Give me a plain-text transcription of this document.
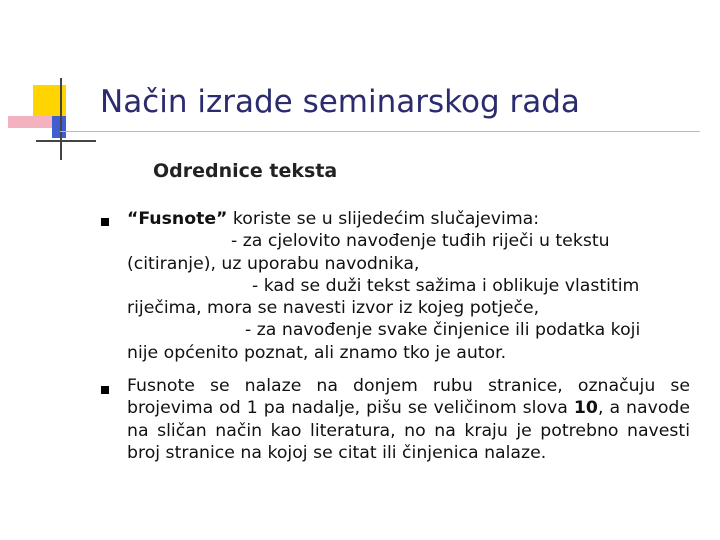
Način izrade seminarskog rada
Odrednice teksta
“Fusnote” koriste se u slijedećim slučajevima:
- za cjelovito navođenje tuđih riječi u tekstu
(citiranje), uz uporabu navodnika,
- kad se duži tekst sažima i oblikuje vlastitim
riječima, mora se navesti izvor iz kojeg potječe,
- za navođenje svake činjenice ili podatka koji
nije općenito poznat, ali znamo tko je autor.
Fusnote se nalaze na donjem rubu stranice, označuju se brojevima od 1 pa nadalje, pišu se veličinom slova 10, a navode na sličan način kao literatura, no na kraju je potrebno navesti broj stranice na kojoj se citat ili činjenica nalaze.
